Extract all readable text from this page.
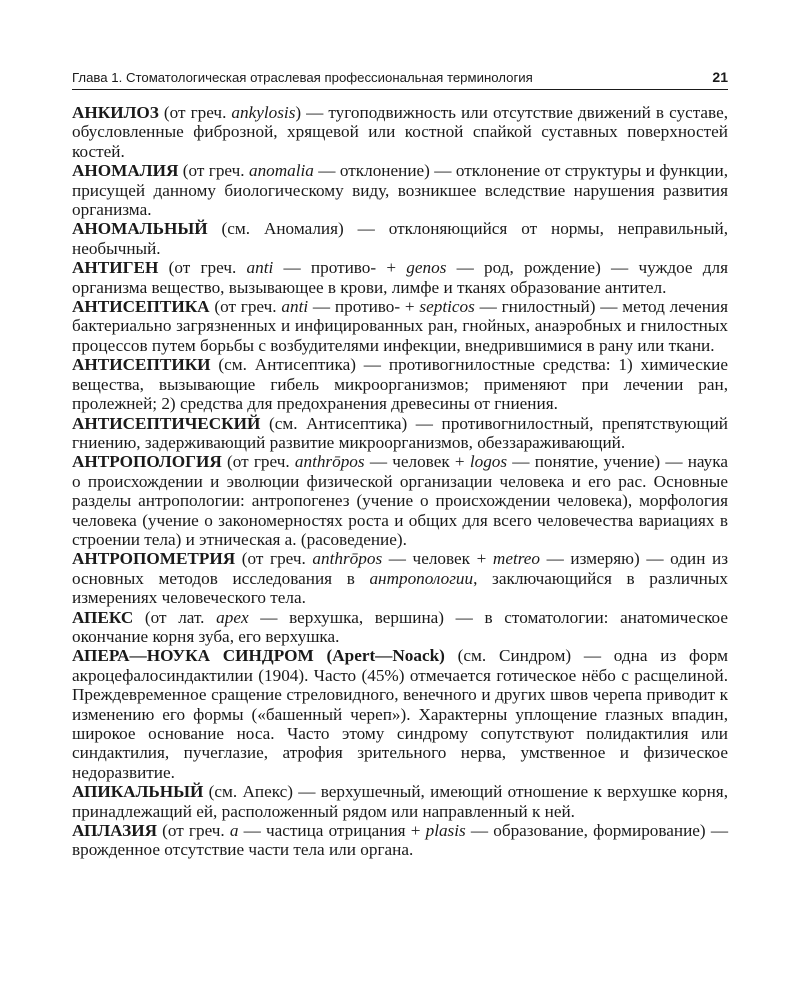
Глава 1. Стоматологическая отраслевая профессиональная терминология	21

АНКИЛОЗ (от греч. ankylosis) — тугоподвижность или отсутствие движений в суставе, обусловленные фиброзной, хрящевой или костной спайкой суставных поверхностей костей.

АНОМАЛИЯ (от греч. anomalia — отклонение) — отклонение от структуры и функции, присущей данному биологическому виду, возникшее вследствие нарушения развития организма.

АНОМАЛЬНЫЙ (см. Аномалия) — отклоняющийся от нормы, неправильный, необычный.

АНТИГЕН (от греч. anti — противо- + genos — род, рождение) — чуждое для организма вещество, вызывающее в крови, лимфе и тканях образование антител.

АНТИСЕПТИКА (от греч. anti — противо- + septicos — гнилостный) — метод лечения бактериально загрязненных и инфицированных ран, гнойных, анаэробных и гнилостных процессов путем борьбы с возбудителями инфекции, внедрившимися в рану или ткани.

АНТИСЕПТИКИ (см. Антисептика) — противогнилостные средства: 1) химические вещества, вызывающие гибель микроорганизмов; применяют при лечении ран, пролежней; 2) средства для предохранения древесины от гниения.

АНТИСЕПТИЧЕСКИЙ (см. Антисептика) — противогнилостный, препятствующий гниению, задерживающий развитие микроорганизмов, обеззараживающий.

АНТРОПОЛОГИЯ (от греч. anthrōpos — человек + logos — понятие, учение) — наука о происхождении и эволюции физической организации человека и его рас. Основные разделы антропологии: антропогенез (учение о происхождении человека), морфология человека (учение о закономерностях роста и общих для всего человечества вариациях в строении тела) и этническая а. (расоведение).

АНТРОПОМЕТРИЯ (от греч. anthrōpos — человек + metreo — измеряю) — один из основных методов исследования в антропологии, заключающийся в различных измерениях человеческого тела.

АПЕКС (от лат. apex — верхушка, вершина) — в стоматологии: анатомическое окончание корня зуба, его верхушка.

АПЕРА—НОУКА СИНДРОМ (Apert—Noack) (см. Синдром) — одна из форм акроцефалосиндактилии (1904). Часто (45%) отмечается готическое нёбо с расщелиной. Преждевременное сращение стреловидного, венечного и других швов черепа приводит к изменению его формы («башенный череп»). Характерны уплощение глазных впадин, широкое основание носа. Часто этому синдрому сопутствуют полидактилия или синдактилия, пучеглазие, атрофия зрительного нерва, умственное и физическое недоразвитие.

АПИКАЛЬНЫЙ (см. Апекс) — верхушечный, имеющий отношение к верхушке корня, принадлежащий ей, расположенный рядом или направленный к ней.

АПЛАЗИЯ (от греч. a — частица отрицания + plasis — образование, формирование) — врожденное отсутствие части тела или органа.
